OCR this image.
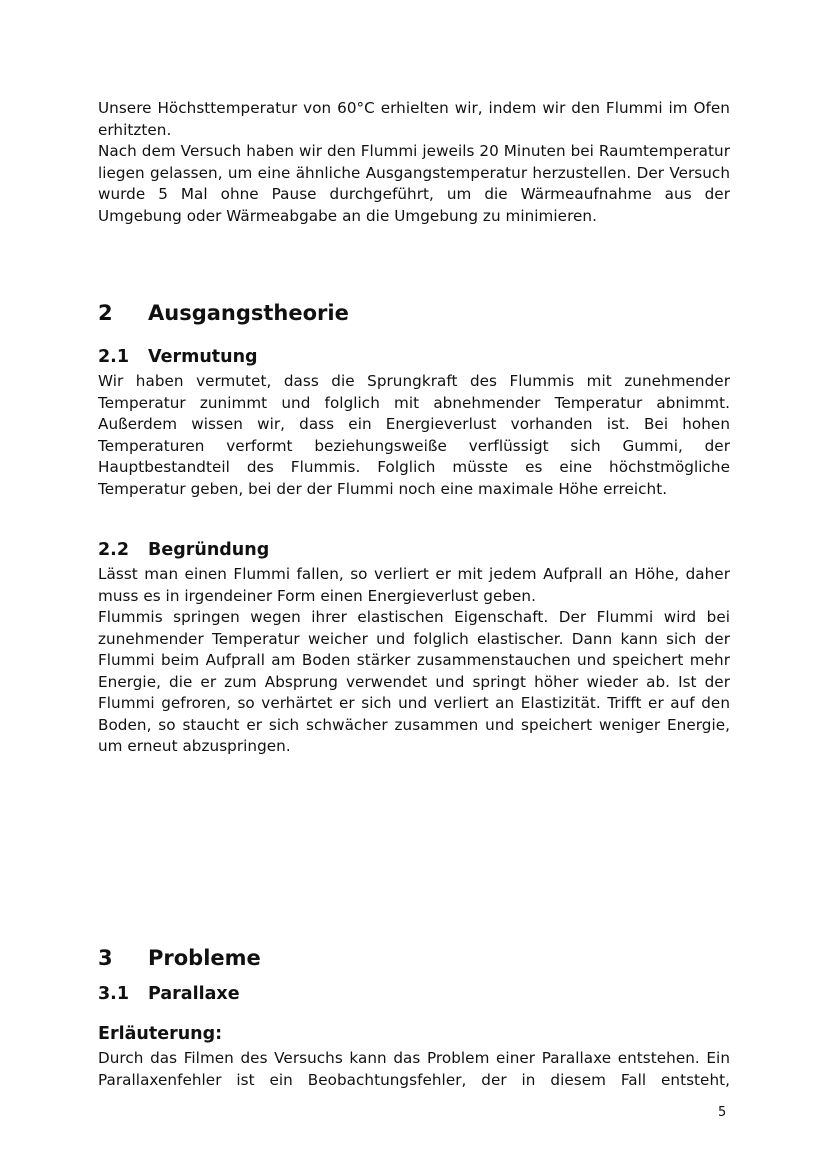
Unsere Höchsttemperatur von 60°C erhielten wir, indem wir den Flummi im Ofen erhitzten.

Nach dem Versuch haben wir den Flummi jeweils 20 Minuten bei Raumtemperatur liegen gelassen, um eine ähnliche Ausgangstemperatur herzustellen. Der Versuch wurde 5 Mal ohne Pause durchgeführt, um die Wärmeaufnahme aus der Umgebung oder Wärmeabgabe an die Umgebung zu minimieren.

2	Ausgangstheorie
2.1	Vermutung

Wir haben vermutet, dass die Sprungkraft des Flummis mit zunehmender Temperatur zunimmt und folglich mit abnehmender Temperatur abnimmt. Außerdem wissen wir, dass ein Energieverlust vorhanden ist. Bei hohen Temperaturen verformt beziehungsweiße verflüssigt sich Gummi, der Hauptbestandteil des Flummis. Folglich müsste es eine höchstmögliche Temperatur geben, bei der der Flummi noch eine maximale Höhe erreicht.

2.2	Begründung

Lässt man einen Flummi fallen, so verliert er mit jedem Aufprall an Höhe, daher muss es in irgendeiner Form einen Energieverlust geben.

Flummis springen wegen ihrer elastischen Eigenschaft. Der Flummi wird bei zunehmender Temperatur weicher und folglich elastischer. Dann kann sich der Flummi beim Aufprall am Boden stärker zusammenstauchen und speichert mehr Energie, die er zum Absprung verwendet und springt höher wieder ab. Ist der Flummi gefroren, so verhärtet er sich und verliert an Elastizität. Trifft er auf den Boden, so staucht er sich schwächer zusammen und speichert weniger Energie, um erneut abzuspringen.

3	Probleme
3.1	Parallaxe
Erläuterung:

Durch das Filmen des Versuchs kann das Problem einer Parallaxe entstehen. Ein Parallaxenfehler ist ein Beobachtungsfehler, der in diesem Fall entsteht,

5
